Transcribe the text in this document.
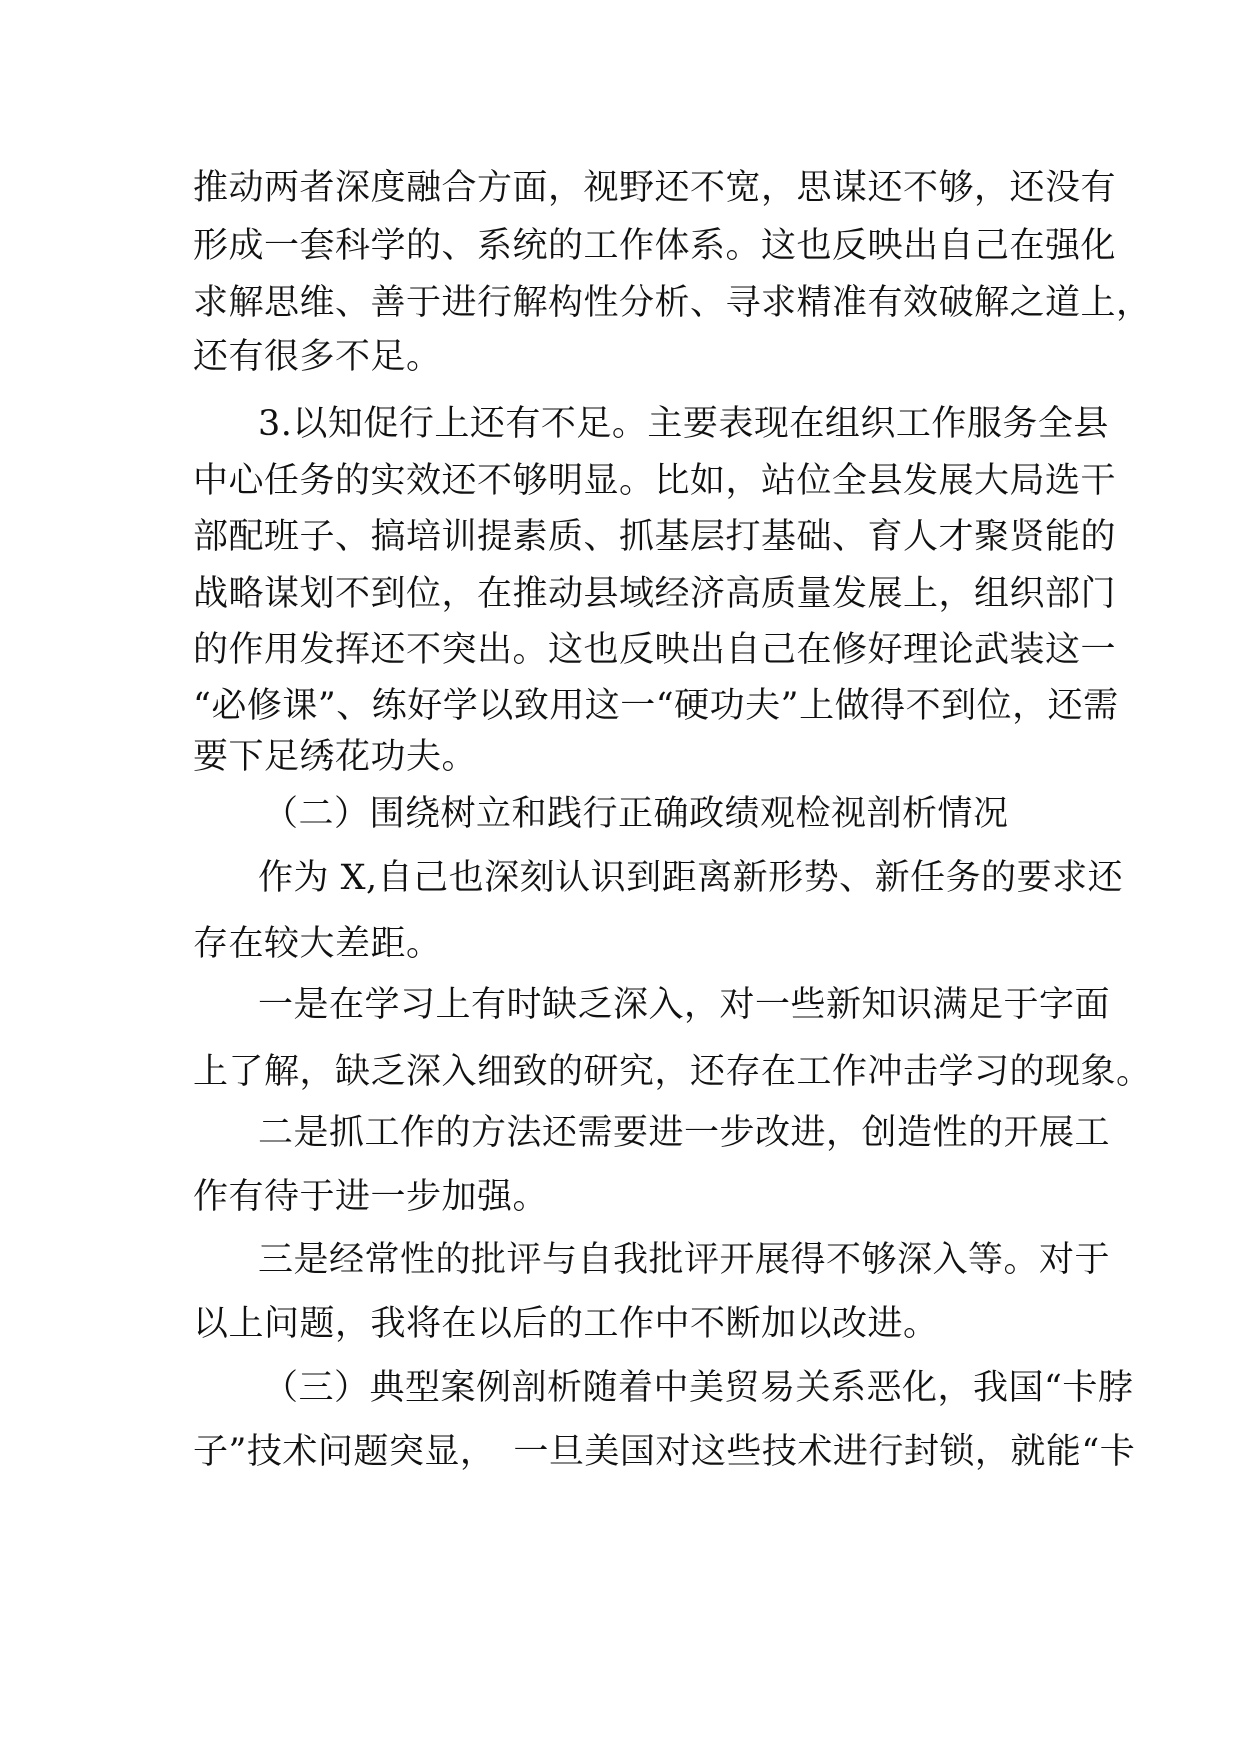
推动两者深度融合方面，视野还不宽，思谋还不够，还没有
形成一套科学的、系统的工作体系。这也反映出自己在强化
求解思维、善于进行解构性分析、寻求精准有效破解之道上，
还有很多不足。
3.以知促行上还有不足。主要表现在组织工作服务全县
中心任务的实效还不够明显。比如，站位全县发展大局选干
部配班子、搞培训提素质、抓基层打基础、育人才聚贤能的
战略谋划不到位，在推动县域经济高质量发展上，组织部门
的作用发挥还不突出。这也反映出自己在修好理论武装这一
“必修课”、练好学以致用这一“硬功夫”上做得不到位，还需
要下足绣花功夫。
（二）围绕树立和践行正确政绩观检视剖析情况
作为 X,自己也深刻认识到距离新形势、新任务的要求还
存在较大差距。
一是在学习上有时缺乏深入，对一些新知识满足于字面
上了解，缺乏深入细致的研究，还存在工作冲击学习的现象。
二是抓工作的方法还需要进一步改进，创造性的开展工
作有待于进一步加强。
三是经常性的批评与自我批评开展得不够深入等。对于
以上问题，我将在以后的工作中不断加以改进。
（三）典型案例剖析随着中美贸易关系恶化，我国“卡脖
子”技术问题突显，　一旦美国对这些技术进行封锁，就能“卡
